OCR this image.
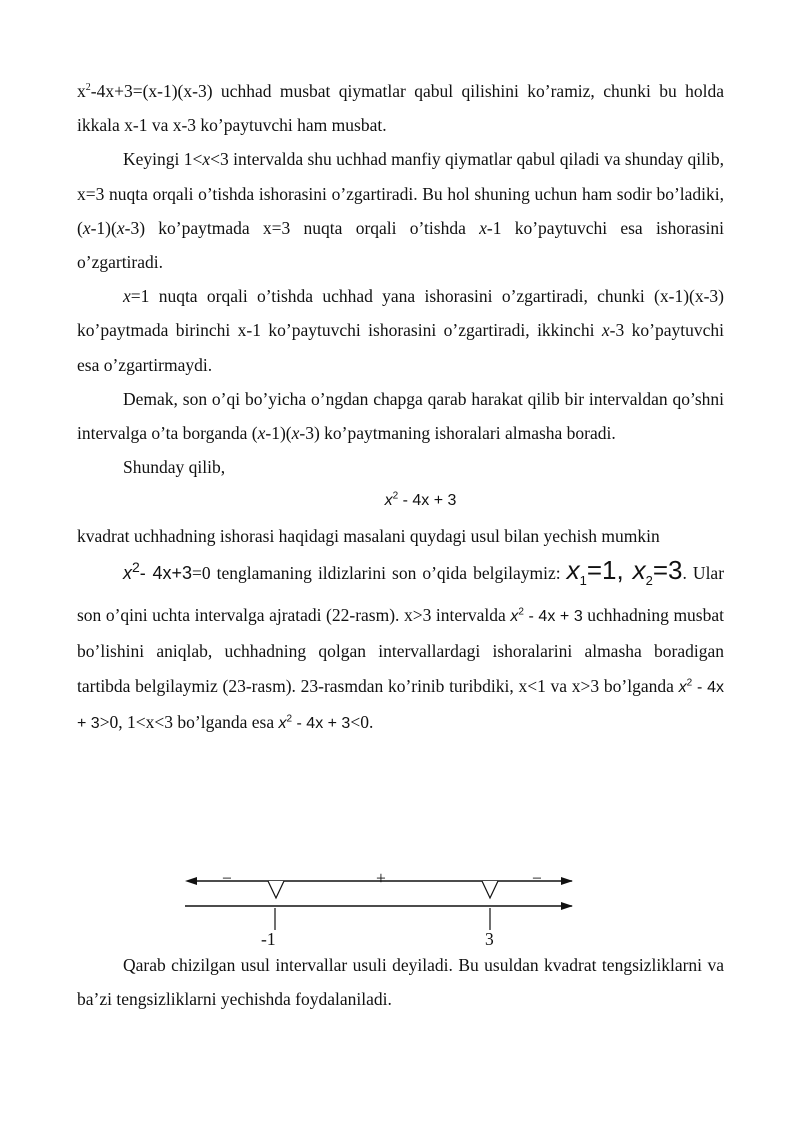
$x^2-4x+3=(x-1)(x-3)$ uchhad musbat qiymatlar qabul qilishini ko’ramiz, chunki bu holda ikkala x-1 va x-3 ko’paytuvchi ham musbat.

Keyingi 1<x<3 intervalda shu uchhad manfiy qiymatlar qabul qiladi va shunday qilib, x=3 nuqta orqali o’tishda ishorasini o’zgartiradi. Bu hol shuning uchun ham sodir bo’ladiki, (x-1)(x-3) ko’paytmada x=3 nuqta orqali o’tishda x-1 ko’paytuvchi esa ishorasini o’zgartiradi.

x=1 nuqta orqali o’tishda uchhad yana ishorasini o’zgartiradi, chunki (x-1)(x-3) ko’paytmada birinchi x-1 ko’paytuvchi ishorasini o’zgartiradi, ikkinchi x-3 ko’paytuvchi esa o’zgartirmaydi.

Demak, son o’qi bo’yicha o’ngdan chapga qarab harakat qilib bir intervaldan qo’shni intervalga o’ta borganda (x-1)(x-3) ko’paytmaning ishoralari almasha boradi.

Shunday qilib,

$x^2 - 4x + 3$

kvadrat uchhadning ishorasi haqidagi masalani quydagi usul bilan yechish mumkin

$x^2-$ 4x+3=0 tenglamaning ildizlarini son o’qida belgilaymiz: $x_1=1$, $x_2=3$. Ular son o’qini uchta intervalga ajratadi (22-rasm). x>3 intervalda $x^2 - 4x + 3$ uchhadning musbat bo’lishini aniqlab, uchhadning qolgan intervallardagi ishoralarini almasha boradigan tartibda belgilaymiz (23-rasm). 23-rasmdan ko’rinib turibdiki, x<1 va x>3 bo’lganda $x^2 - 4x + 3>0$, 1<x<3 bo’lganda esa $x^2 - 4x + 3<0$.

−	+	−
-1	3

Qarab chizilgan usul intervallar usuli deyiladi. Bu usuldan kvadrat tengsizliklarni va ba’zi tengsizliklarni yechishda foydalaniladi.
